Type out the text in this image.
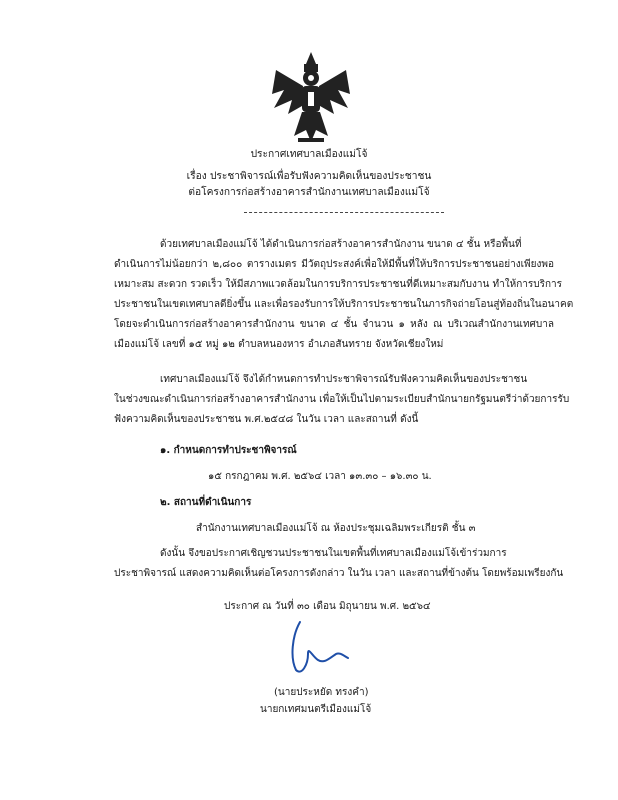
ประกาศเทศบาลเมืองแม่โจ้
เรื่อง ประชาพิจารณ์เพื่อรับฟังความคิดเห็นของประชาชน
ต่อโครงการก่อสร้างอาคารสำนักงานเทศบาลเมืองแม่โจ้
ด้วยเทศบาลเมืองแม่โจ้ ได้ดำเนินการก่อสร้างอาคารสำนักงาน ขนาด ๔ ชั้น หรือพื้นที่
ดำเนินการไม่น้อยกว่า ๒,๘๐๐ ตารางเมตร มีวัตถุประสงค์เพื่อให้มีพื้นที่ให้บริการประชาชนอย่างเพียงพอ
เหมาะสม สะดวก รวดเร็ว ให้มีสภาพแวดล้อมในการบริการประชาชนที่ดีเหมาะสมกับงาน ทำให้การบริการ
ประชาชนในเขตเทศบาลดียิ่งขึ้น และเพื่อรองรับการให้บริการประชาชนในภารกิจถ่ายโอนสู่ท้องถิ่นในอนาคต
โดยจะดำเนินการก่อสร้างอาคารสำนักงาน ขนาด ๔ ชั้น จำนวน ๑ หลัง ณ บริเวณสำนักงานเทศบาล
เมืองแม่โจ้ เลขที่ ๑๕ หมู่ ๑๒ ตำบลหนองหาร อำเภอสันทราย จังหวัดเชียงใหม่
เทศบาลเมืองแม่โจ้ จึงได้กำหนดการทำประชาพิจารณ์รับฟังความคิดเห็นของประชาชน
ในช่วงขณะดำเนินการก่อสร้างอาคารสำนักงาน เพื่อให้เป็นไปตามระเบียบสำนักนายกรัฐมนตรีว่าด้วยการรับ
ฟังความคิดเห็นของประชาชน พ.ศ.๒๕๔๘ ในวัน เวลา และสถานที่ ดังนี้
๑. กำหนดการทำประชาพิจารณ์
๑๕ กรกฎาคม พ.ศ. ๒๕๖๔ เวลา ๑๓.๓๐ – ๑๖.๓๐ น.
๒. สถานที่ดำเนินการ
สำนักงานเทศบาลเมืองแม่โจ้ ณ ห้องประชุมเฉลิมพระเกียรติ ชั้น ๓
ดังนั้น จึงขอประกาศเชิญชวนประชาชนในเขตพื้นที่เทศบาลเมืองแม่โจ้เข้าร่วมการ
ประชาพิจารณ์ แสดงความคิดเห็นต่อโครงการดังกล่าว ในวัน เวลา และสถานที่ข้างต้น โดยพร้อมเพรียงกัน
ประกาศ ณ วันที่ ๓๐ เดือน มิถุนายน พ.ศ. ๒๕๖๔
(นายประหยัด ทรงคำ)
นายกเทศมนตรีเมืองแม่โจ้
